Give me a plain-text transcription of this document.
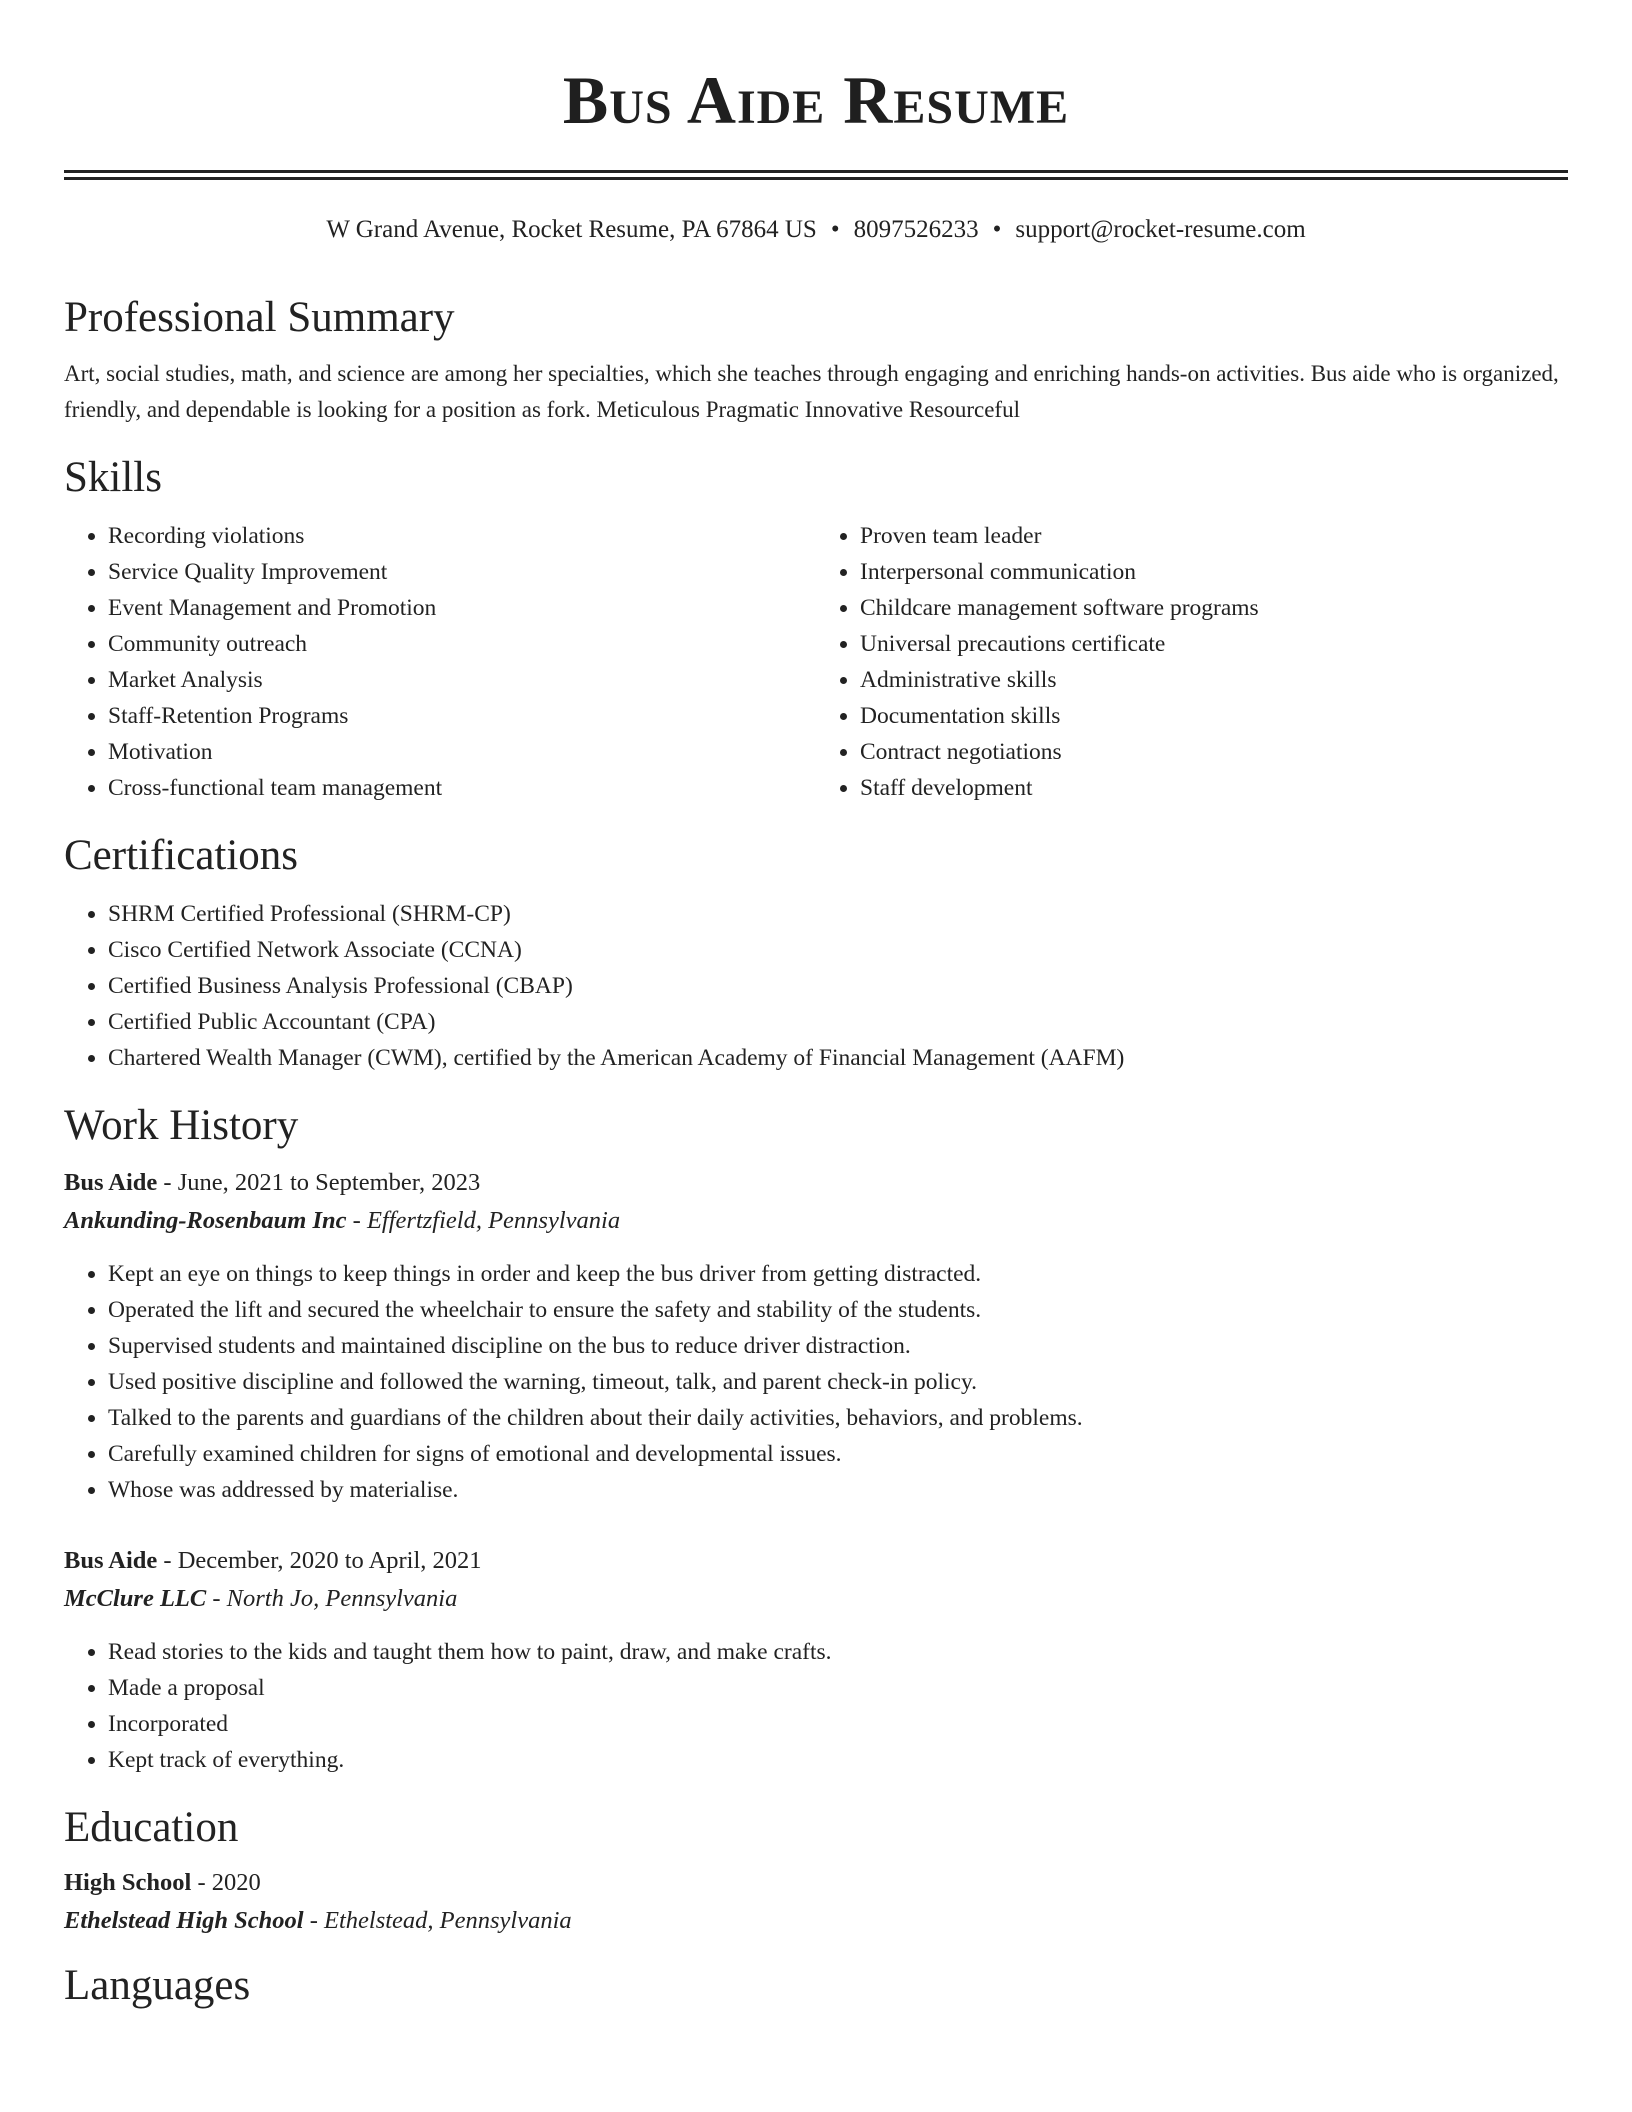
Bus Aide Resume
W Grand Avenue, Rocket Resume, PA 67864 US • 8097526233 • support@rocket-resume.com
Professional Summary

Art, social studies, math, and science are among her specialties, which she teaches through engaging and enriching hands-on activities. Bus aide who is organized, friendly, and dependable is looking for a position as fork. Meticulous Pragmatic Innovative Resourceful

Skills
• Recording violations
• Service Quality Improvement
• Event Management and Promotion
• Community outreach
• Market Analysis
• Staff-Retention Programs
• Motivation
• Cross-functional team management
• Proven team leader
• Interpersonal communication
• Childcare management software programs
• Universal precautions certificate
• Administrative skills
• Documentation skills
• Contract negotiations
• Staff development
Certifications
• SHRM Certified Professional (SHRM-CP)
• Cisco Certified Network Associate (CCNA)
• Certified Business Analysis Professional (CBAP)
• Certified Public Accountant (CPA)
• Chartered Wealth Manager (CWM), certified by the American Academy of Financial Management (AAFM)
Work History
Bus Aide - June, 2021 to September, 2023
Ankunding-Rosenbaum Inc - Effertzfield, Pennsylvania
• Kept an eye on things to keep things in order and keep the bus driver from getting distracted.
• Operated the lift and secured the wheelchair to ensure the safety and stability of the students.
• Supervised students and maintained discipline on the bus to reduce driver distraction.
• Used positive discipline and followed the warning, timeout, talk, and parent check-in policy.
• Talked to the parents and guardians of the children about their daily activities, behaviors, and problems.
• Carefully examined children for signs of emotional and developmental issues.
• Whose was addressed by materialise.
Bus Aide - December, 2020 to April, 2021
McClure LLC - North Jo, Pennsylvania
• Read stories to the kids and taught them how to paint, draw, and make crafts.
• Made a proposal
• Incorporated
• Kept track of everything.
Education
High School - 2020
Ethelstead High School - Ethelstead, Pennsylvania
Languages
